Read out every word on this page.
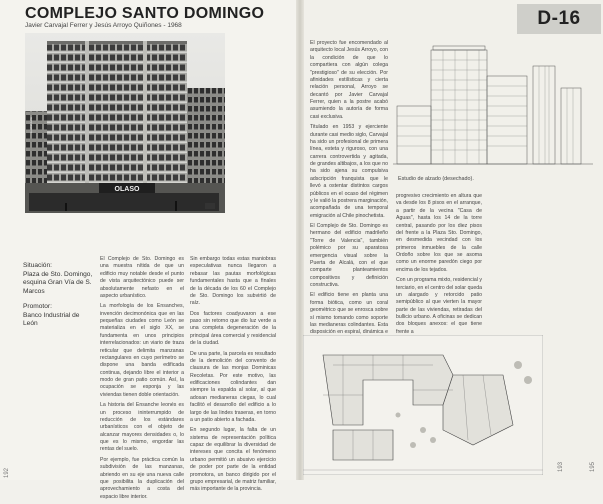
COMPLEJO SANTO DOMINGO
Javier Carvajal Ferrer y Jesús Arroyo Quiñones - 1968
OLASO
Euskalduna
Situación:
Plaza de Sto. Domingo,
esquina Gran Vía de S.
Marcos
Promotor:
Banco Industrial de León

El Complejo de Sto. Domingo es una muestra nítida de que un edificio muy notable desde el punto de vista arquitectónico puede ser absolutamente nefasto en el aspecto urbanístico.

La morfología de los Ensanches, invención decimonónica que en las pequeñas ciudades como León se materializa en el siglo XX, se fundamenta en unos principios interrelacionados: un viario de traza reticular que delimita manzanas rectangulares en cuyo perímetro se dispone una banda edificada continua, dejando libre el interior a modo de gran patio común. Así, la ocupación se esponja y las viviendas tienen doble orientación.

La historia del Ensanche leonés es un proceso ininterrumpido de reducción de los estándares urbanísticos con el objeto de alcanzar mayores densidades o, lo que es lo mismo, engordar las rentas del suelo.

Por ejemplo, fue práctica común la subdivisión de las manzanas, abriendo en su eje una nueva calle que posibilita la duplicación del aprovechamiento a costa del espacio libre interior.

Sin embargo todas estas maniobras especulativas nunca llegaron a rebasar las pautas morfológicas fundamentales hasta que a finales de la década de los 60 el Complejo de Sto. Domingo los subvirtió de raíz.

Dos factores coadyuvaron a ese paso sin retorno que dio luz verde a una completa degeneración de la principal área comercial y residencial de la ciudad.

De una parte, la parcela es resultado de la demolición del convento de clausura de las monjas Dominicas Recoletas. Por este motivo, las edificaciones colindantes dan siempre la espalda al solar, al que adosan medianeras ciegas, lo cual facilitó el desarrollo del edificio a lo largo de las lindes traseras, en torno a un patio abierto a fachada.

En segundo lugar, la falta de un sistema de representación política capaz de equilibrar la diversidad de intereses que concita el fenómeno urbano permitió un abusivo ejercicio de poder por parte de la entidad promotora, un banco dirigido por el grupo empresarial, de matriz familiar, más importante de la provincia.

192
D-16

El proyecto fue encomendado al arquitecto local Jesús Arroyo, con la condición de que lo compartiera con algún colega "prestigioso" de su elección. Por afinidades estilísticas y cierta relación personal, Arroyo se decantó por Javier Carvajal Ferrer, quien a la postre acabó asumiendo la autoría de forma casi exclusiva.

Titulado en 1953 y ejerciente durante casi medio siglo, Carvajal ha sido un profesional de primera línea, esteta y riguroso, con una carrera controvertida y agitada, de grandes altibajos, a los que no ha sido ajena su compulsiva adscripción franquista que le llevó a ostentar distintos cargos públicos en el ocaso del régimen y le valió la postrera marginación, acompañada de una temporal emigración al Chile pinochetista.

El Complejo de Sto. Domingo es hermano del edificio madrileño "Torre de Valencia", también polémico por su aparatosa emergencia visual sobre la Puerta de Alcalá, con el que comparte planteamientos compositivos y definición constructiva.

El edificio tiene en planta una forma biótica, como un coral geométrico que se enrosca sobre sí mismo tomando como soporte las medianeras colindantes. Esta disposición en espiral, dinámica e

progresivo crecimiento en altura que va desde los 8 pisos en el arranque, a partir de la vecina "Casa de Aguas", hasta los 14 de la torre central, pasando por los diez pisos del frente a la Plaza Sto. Domingo, en desmedida vecindad con los primeros inmuebles de la calle Ordoño sobre los que se asoma como un enorme paredón ciego por encima de los tejados.

Con un programa mixto, residencial y terciario, en el centro del solar queda un alargado y retorcido patio semipúblico al que vierten la mayor parte de las viviendas, retiradas del bullicio urbano. A oficinas se dedican dos bloques anexos: el que tiene frente a

Estudio de alzado (desechado).
193	195
